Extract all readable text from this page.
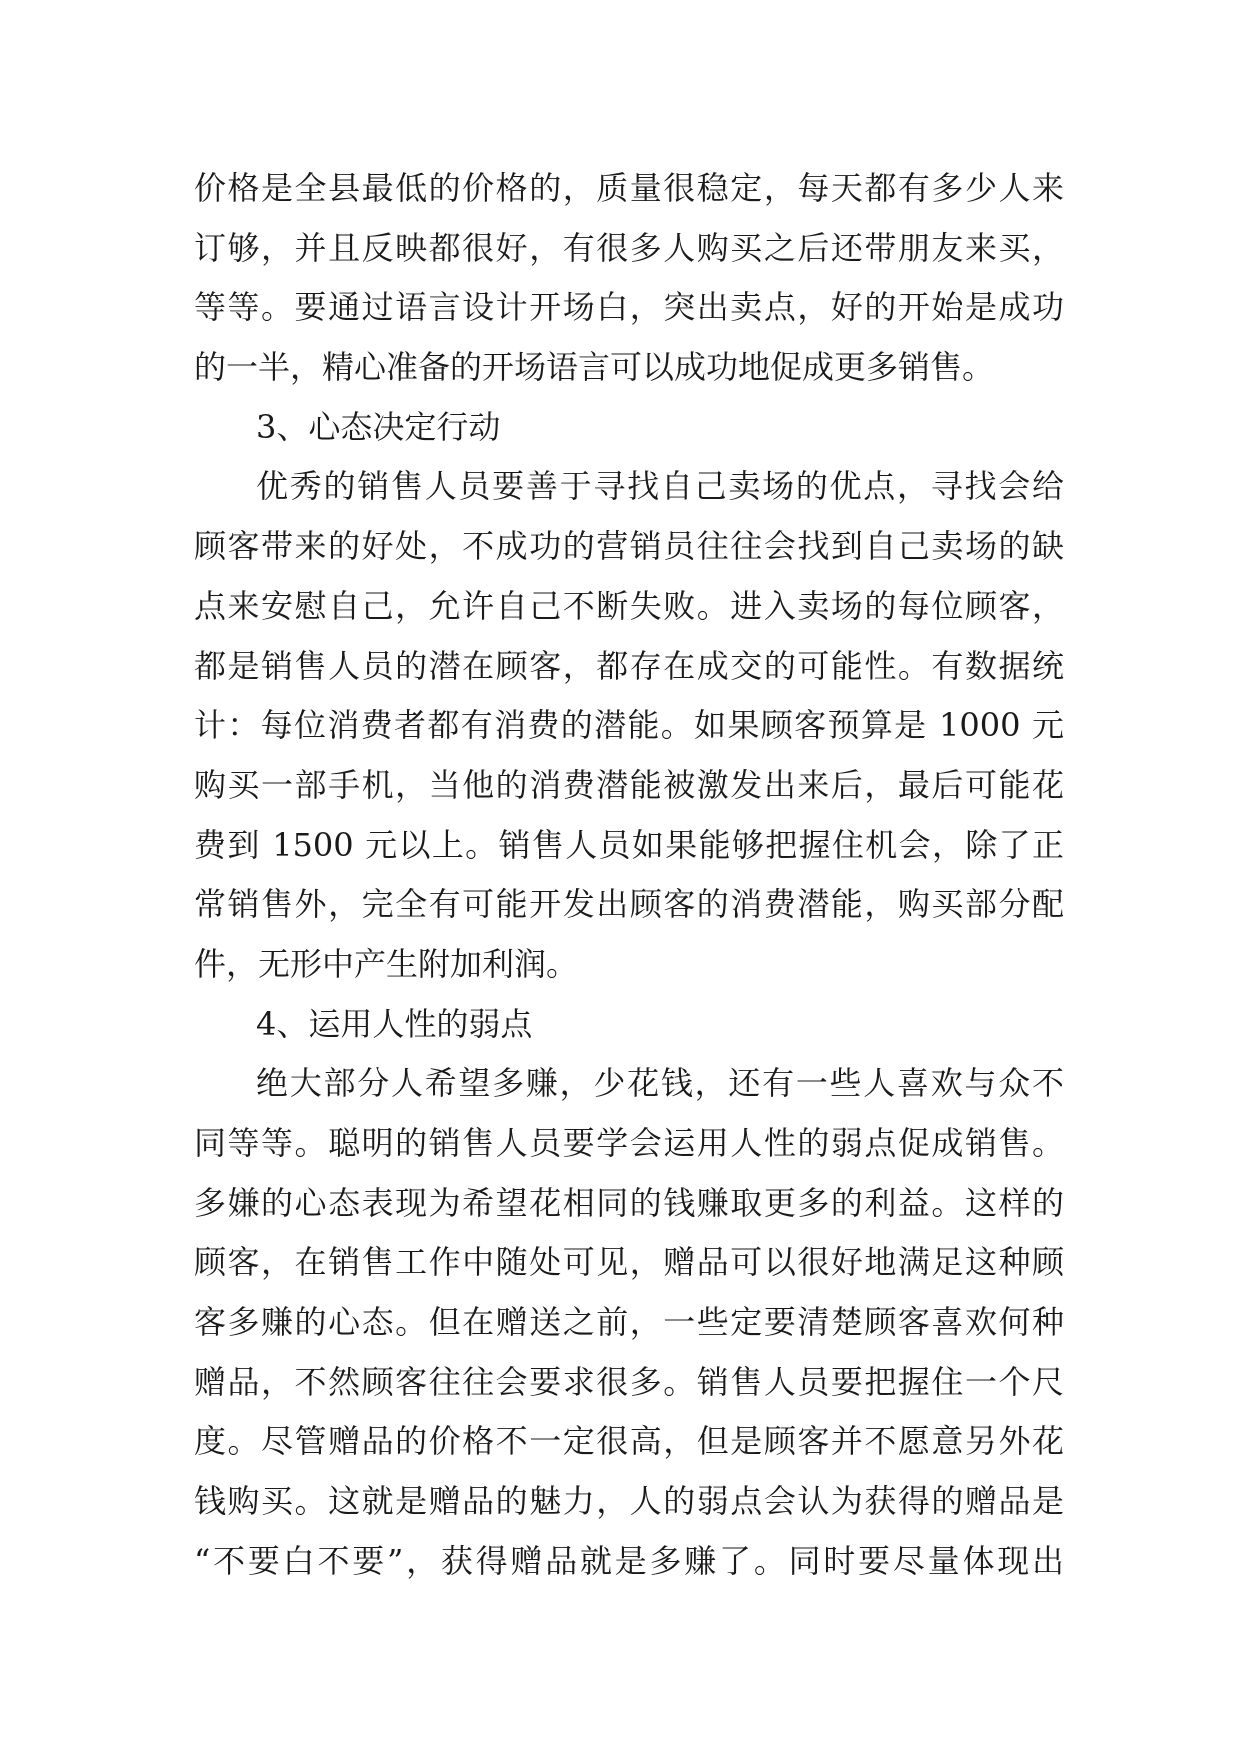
价格是全县最低的价格的，质量很稳定，每天都有多少人来
订够，并且反映都很好，有很多人购买之后还带朋友来买，
等等。要通过语言设计开场白，突出卖点，好的开始是成功
的一半，精心准备的开场语言可以成功地促成更多销售。
3、心态决定行动
优秀的销售人员要善于寻找自己卖场的优点，寻找会给
顾客带来的好处，不成功的营销员往往会找到自己卖场的缺
点来安慰自己，允许自己不断失败。进入卖场的每位顾客，
都是销售人员的潜在顾客，都存在成交的可能性。有数据统
计：每位消费者都有消费的潜能。如果顾客预算是 1000 元
购买一部手机，当他的消费潜能被激发出来后，最后可能花
费到 1500 元以上。销售人员如果能够把握住机会，除了正
常销售外，完全有可能开发出顾客的消费潜能，购买部分配
件，无形中产生附加利润。
4、运用人性的弱点
绝大部分人希望多赚，少花钱，还有一些人喜欢与众不
同等等。聪明的销售人员要学会运用人性的弱点促成销售。
多嫌的心态表现为希望花相同的钱赚取更多的利益。这样的
顾客，在销售工作中随处可见，赠品可以很好地满足这种顾
客多赚的心态。但在赠送之前，一些定要清楚顾客喜欢何种
赠品，不然顾客往往会要求很多。销售人员要把握住一个尺
度。尽管赠品的价格不一定很高，但是顾客并不愿意另外花
钱购买。这就是赠品的魅力，人的弱点会认为获得的赠品是
“不要白不要”，获得赠品就是多赚了。同时要尽量体现出
